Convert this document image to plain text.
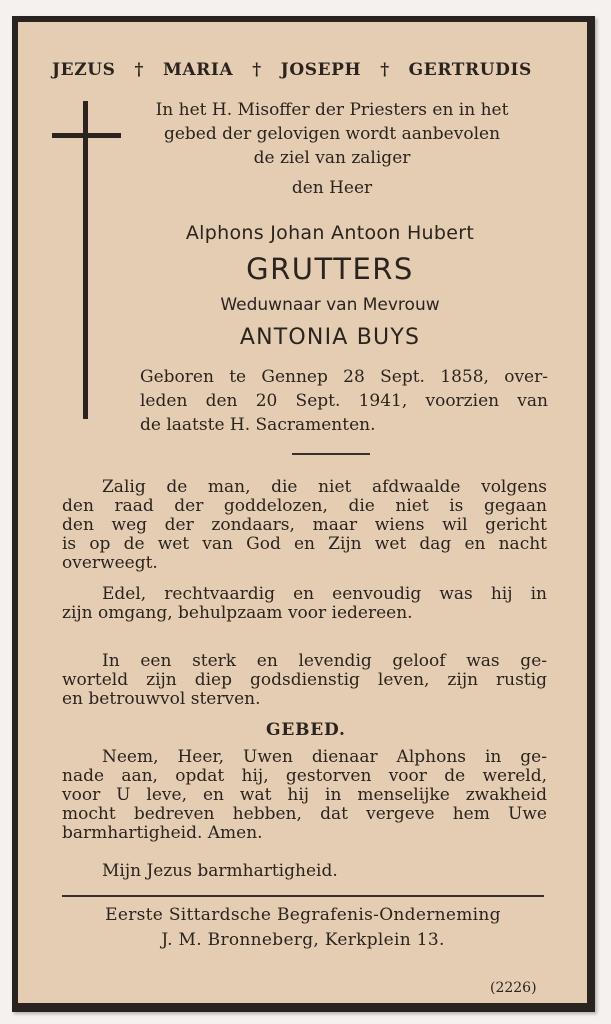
JEZUS † MARIA † JOSEPH † GERTRUDIS
In het H. Misoffer der Priesters en in het
gebed der gelovigen wordt aanbevolen
de ziel van zaliger
den Heer
Alphons Johan Antoon Hubert
GRUTTERS
Weduwnaar van Mevrouw
ANTONIA BUYS
Geboren te Gennep 28 Sept. 1858, over-
leden den 20 Sept. 1941, voorzien van
de laatste H. Sacramenten.
Zalig de man, die niet afdwaalde volgens
den raad der goddelozen, die niet is gegaan
den weg der zondaars, maar wiens wil gericht
is op de wet van God en Zijn wet dag en nacht
overweegt.
Edel, rechtvaardig en eenvoudig was hij in
zijn omgang, behulpzaam voor iedereen.
In een sterk en levendig geloof was ge-
worteld zijn diep godsdienstig leven, zijn rustig
en betrouwvol sterven.
GEBED.
Neem, Heer, Uwen dienaar Alphons in ge-
nade aan, opdat hij, gestorven voor de wereld,
voor U leve, en wat hij in menselijke zwakheid
mocht bedreven hebben, dat vergeve hem Uwe
barmhartigheid. Amen.
Mijn Jezus barmhartigheid.
Eerste Sittardsche Begrafenis-Onderneming
J. M. Bronneberg, Kerkplein 13.
(2226)
